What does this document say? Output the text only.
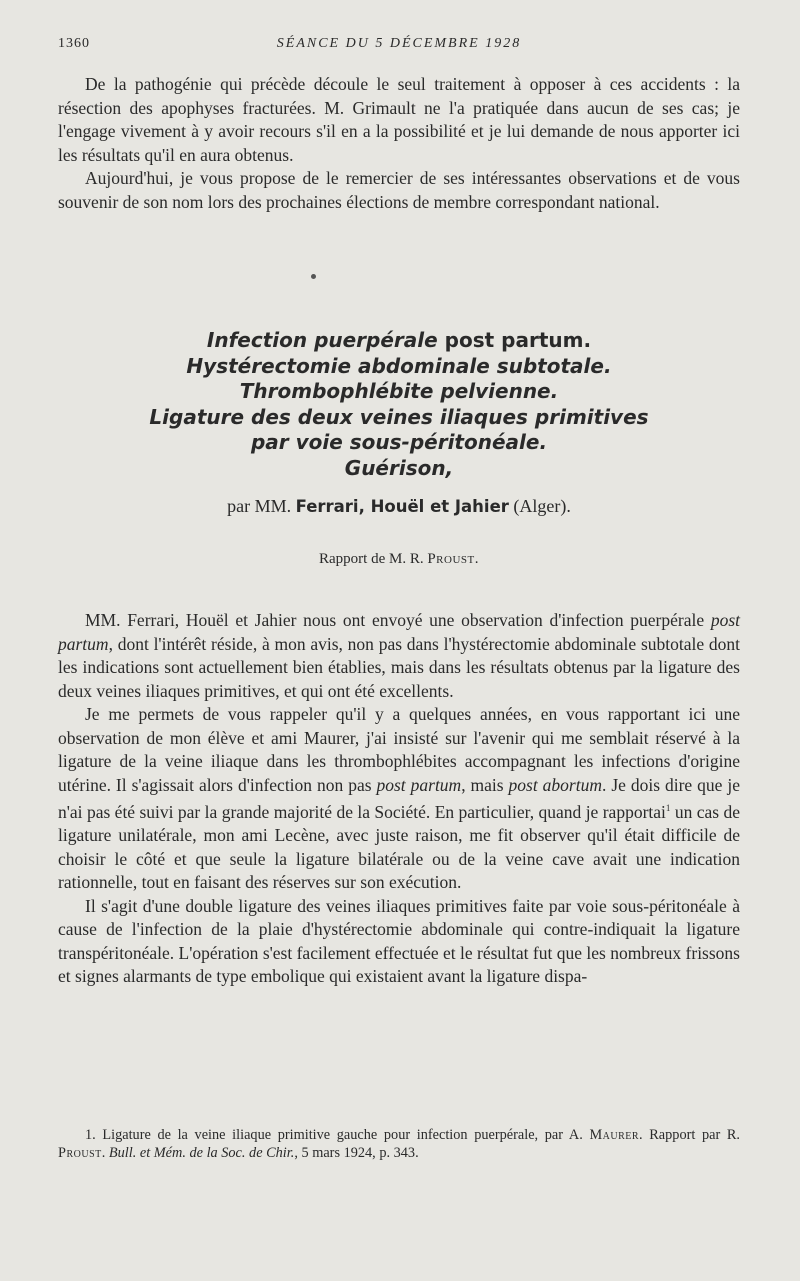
1360	SÉANCE DU 5 DÉCEMBRE 1928

De la pathogénie qui précède découle le seul traitement à opposer à ces accidents : la résection des apophyses fracturées. M. Grimault ne l'a pratiquée dans aucun de ses cas; je l'engage vivement à y avoir recours s'il en a la possibilité et je lui demande de nous apporter ici les résultats qu'il en aura obtenus.

Aujourd'hui, je vous propose de le remercier de ses intéressantes observations et de vous souvenir de son nom lors des prochaines élections de membre correspondant national.

Infection puerpérale post partum.
Hystérectomie abdominale subtotale.
Thrombophlébite pelvienne.
Ligature des deux veines iliaques primitives
par voie sous-péritonéale.
Guérison,
par MM. Ferrari, Houël et Jahier (Alger).
Rapport de M. R. Proust.

MM. Ferrari, Houël et Jahier nous ont envoyé une observation d'infection puerpérale post partum, dont l'intérêt réside, à mon avis, non pas dans l'hystérectomie abdominale subtotale dont les indications sont actuellement bien établies, mais dans les résultats obtenus par la ligature des deux veines iliaques primitives, et qui ont été excellents.

Je me permets de vous rappeler qu'il y a quelques années, en vous rapportant ici une observation de mon élève et ami Maurer, j'ai insisté sur l'avenir qui me semblait réservé à la ligature de la veine iliaque dans les thrombophlébites accompagnant les infections d'origine utérine. Il s'agissait alors d'infection non pas post partum, mais post abortum. Je dois dire que je n'ai pas été suivi par la grande majorité de la Société. En particulier, quand je rapportai$^1$ un cas de ligature unilatérale, mon ami Lecène, avec juste raison, me fit observer qu'il était difficile de choisir le côté et que seule la ligature bilatérale ou de la veine cave avait une indication rationnelle, tout en faisant des réserves sur son exécution.

Il s'agit d'une double ligature des veines iliaques primitives faite par voie sous-péritonéale à cause de l'infection de la plaie d'hystérectomie abdominale qui contre-indiquait la ligature transpéritonéale. L'opération s'est facilement effectuée et le résultat fut que les nombreux frissons et signes alarmants de type embolique qui existaient avant la ligature dispa-

1. Ligature de la veine iliaque primitive gauche pour infection puerpérale, par A. Maurer. Rapport par R. Proust. Bull. et Mém. de la Soc. de Chir., 5 mars 1924, p. 343.
